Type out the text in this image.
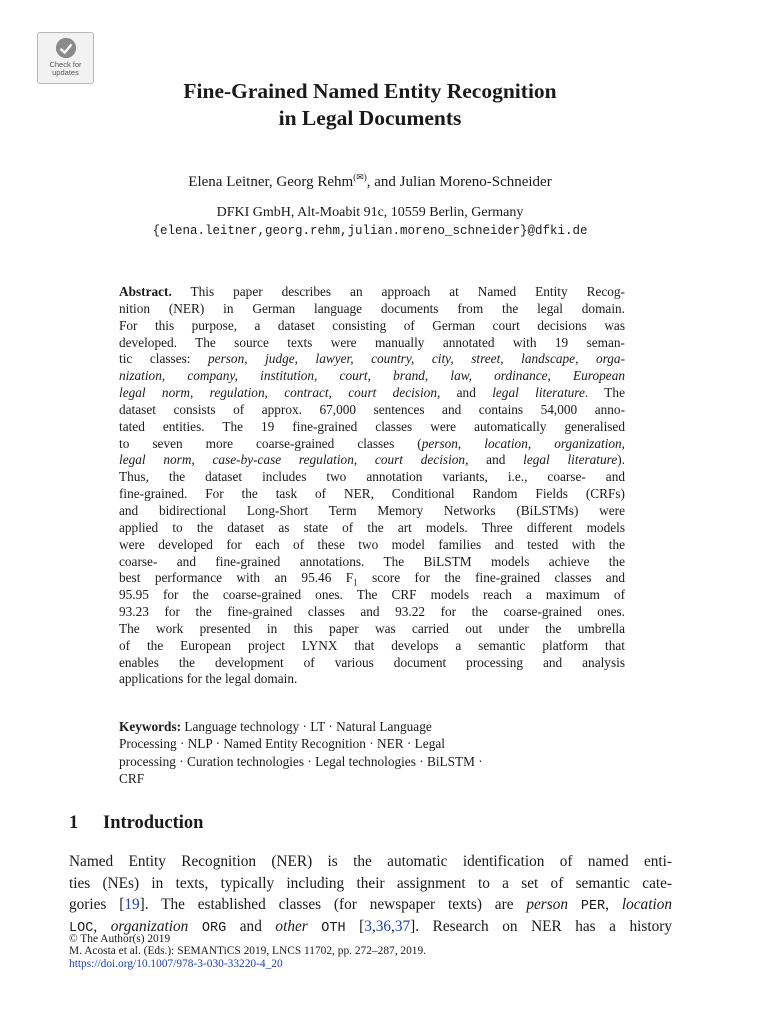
Check for
updates
Fine-Grained Named Entity Recognition
in Legal Documents
Elena Leitner, Georg Rehm(✉), and Julian Moreno-Schneider
DFKI GmbH, Alt-Moabit 91c, 10559 Berlin, Germany
{elena.leitner,georg.rehm,julian.moreno_schneider}@dfki.de
Abstract. This paper describes an approach at Named Entity Recog-
nition (NER) in German language documents from the legal domain.
For this purpose, a dataset consisting of German court decisions was
developed. The source texts were manually annotated with 19 seman-
tic classes: person, judge, lawyer, country, city, street, landscape, orga-
nization, company, institution, court, brand, law, ordinance, European
legal norm, regulation, contract, court decision, and legal literature. The
dataset consists of approx. 67,000 sentences and contains 54,000 anno-
tated entities. The 19 fine-grained classes were automatically generalised
to seven more coarse-grained classes (person, location, organization,
legal norm, case-by-case regulation, court decision, and legal literature).
Thus, the dataset includes two annotation variants, i.e., coarse- and
fine-grained. For the task of NER, Conditional Random Fields (CRFs)
and bidirectional Long-Short Term Memory Networks (BiLSTMs) were
applied to the dataset as state of the art models. Three different models
were developed for each of these two model families and tested with the
coarse- and fine-grained annotations. The BiLSTM models achieve the
best performance with an 95.46 $F_1$ score for the fine-grained classes and
95.95 for the coarse-grained ones. The CRF models reach a maximum of
93.23 for the fine-grained classes and 93.22 for the coarse-grained ones.
The work presented in this paper was carried out under the umbrella
of the European project LYNX that develops a semantic platform that
enables the development of various document processing and analysis
applications for the legal domain.
Keywords: Language technology · LT · Natural Language
Processing · NLP · Named Entity Recognition · NER · Legal
processing · Curation technologies · Legal technologies · BiLSTM ·
CRF
1 Introduction
Named Entity Recognition (NER) is the automatic identification of named enti-
ties (NEs) in texts, typically including their assignment to a set of semantic cate-
gories [19]. The established classes (for newspaper texts) are person PER, location
LOC, organization ORG and other OTH [3,36,37]. Research on NER has a history
© The Author(s) 2019
M. Acosta et al. (Eds.): SEMANTiCS 2019, LNCS 11702, pp. 272–287, 2019.
https://doi.org/10.1007/978-3-030-33220-4_20
